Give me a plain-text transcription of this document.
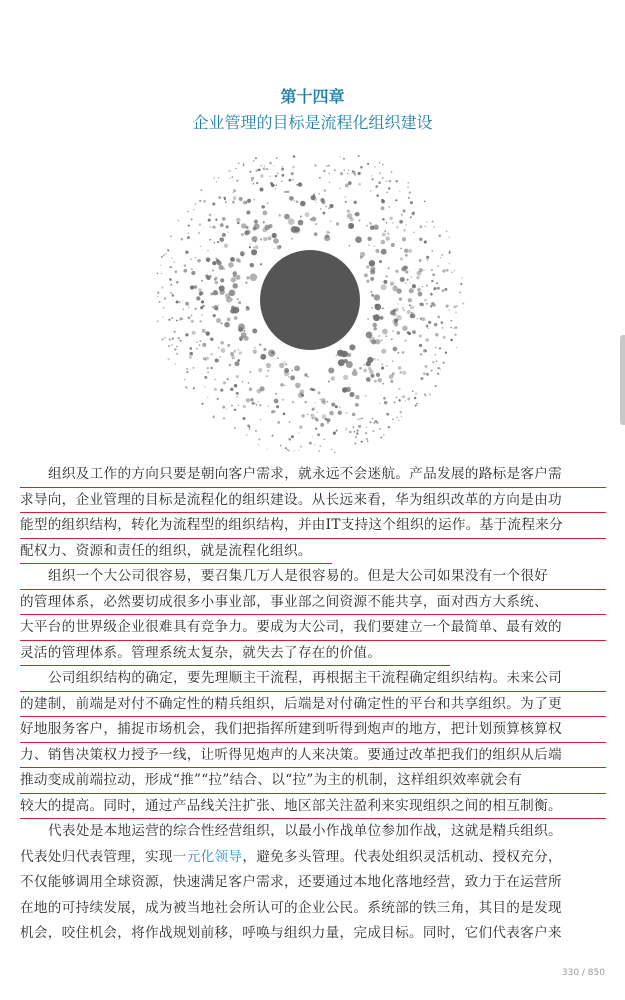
第十四章
企业管理的目标是流程化组织建设
组织及工作的方向只要是朝向客户需求，就永远不会迷航。产品发展的路标是客户需
求导向，企业管理的目标是流程化的组织建设。从长远来看，华为组织改革的方向是由功
能型的组织结构，转化为流程型的组织结构，并由IT支持这个组织的运作。基于流程来分
配权力、资源和责任的组织，就是流程化组织。
组织一个大公司很容易，要召集几万人是很容易的。但是大公司如果没有一个很好
的管理体系，必然要切成很多小事业部，事业部之间资源不能共享，面对西方大系统、
大平台的世界级企业很难具有竞争力。要成为大公司，我们要建立一个最简单、最有效的
灵活的管理体系。管理系统太复杂，就失去了存在的价值。
公司组织结构的确定，要先理顺主干流程，再根据主干流程确定组织结构。未来公司
的建制，前端是对付不确定性的精兵组织，后端是对付确定性的平台和共享组织。为了更
好地服务客户，捕捉市场机会，我们把指挥所建到听得到炮声的地方，把计划预算核算权
力、销售决策权力授予一线，让听得见炮声的人来决策。要通过改革把我们的组织从后端
推动变成前端拉动，形成“推”“拉”结合、以“拉”为主的机制，这样组织效率就会有
较大的提高。同时，通过产品线关注扩张、地区部关注盈利来实现组织之间的相互制衡。
代表处是本地运营的综合性经营组织，以最小作战单位参加作战，这就是精兵组织。
代表处归代表管理，实现一元化领导，避免多头管理。代表处组织灵活机动、授权充分，
不仅能够调用全球资源，快速满足客户需求，还要通过本地化落地经营，致力于在运营所
在地的可持续发展，成为被当地社会所认可的企业公民。系统部的铁三角，其目的是发现
机会，咬住机会，将作战规划前移，呼唤与组织力量，完成目标。同时，它们代表客户来
330 / 850
